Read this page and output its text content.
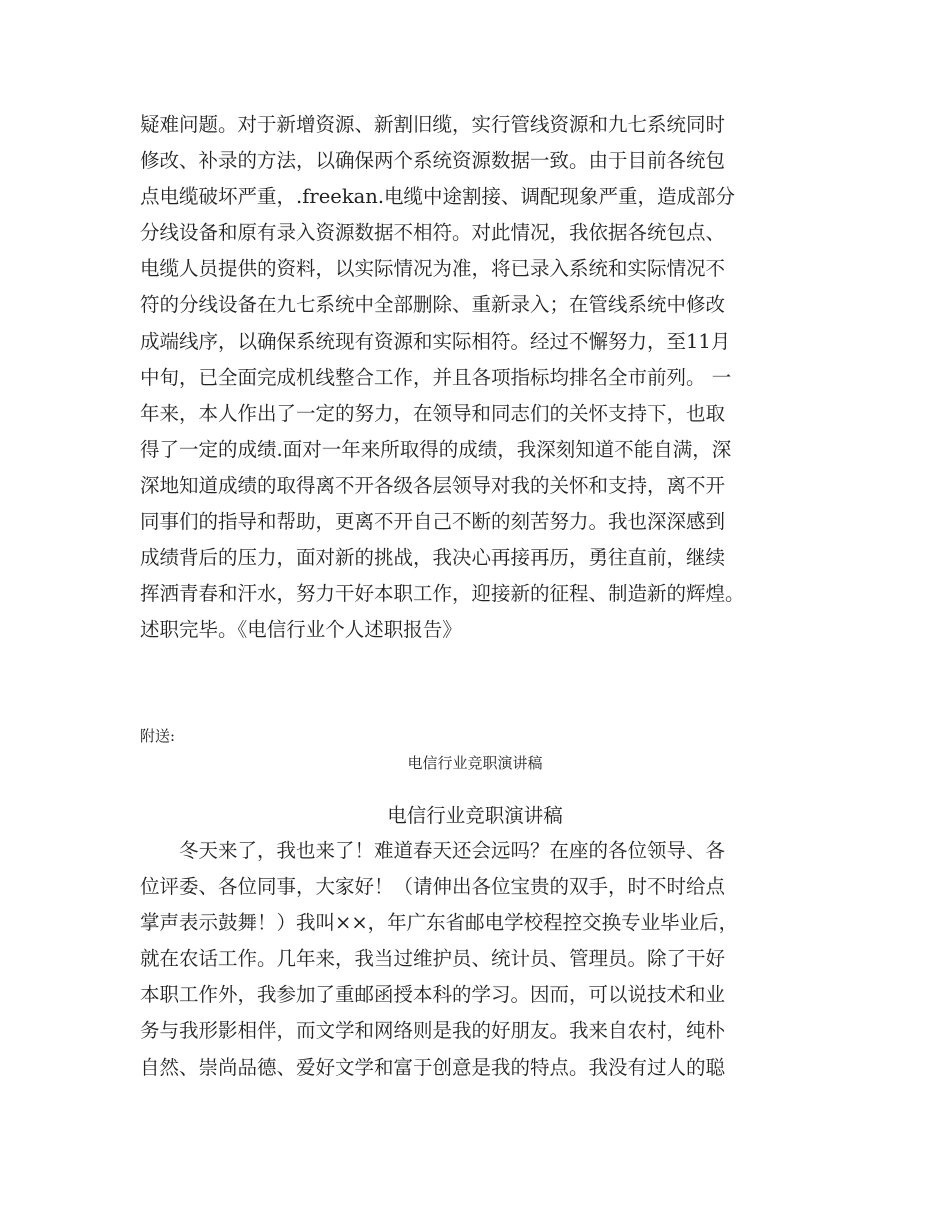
疑难问题。对于新增资源、新割旧缆，实行管线资源和九七系统同时
修改、补录的方法，以确保两个系统资源数据一致。由于目前各统包
点电缆破坏严重，.freekan.电缆中途割接、调配现象严重，造成部分
分线设备和原有录入资源数据不相符。对此情况，我依据各统包点、
电缆人员提供的资料，以实际情况为准，将已录入系统和实际情况不
符的分线设备在九七系统中全部删除、重新录入；在管线系统中修改
成端线序，以确保系统现有资源和实际相符。经过不懈努力，至11月
中旬，已全面完成机线整合工作，并且各项指标均排名全市前列。 一
年来，本人作出了一定的努力，在领导和同志们的关怀支持下，也取
得了一定的成绩.面对一年来所取得的成绩，我深刻知道不能自满，深
深地知道成绩的取得离不开各级各层领导对我的关怀和支持，离不开
同事们的指导和帮助，更离不开自己不断的刻苦努力。我也深深感到
成绩背后的压力，面对新的挑战，我决心再接再历，勇往直前，继续
挥洒青春和汗水，努力干好本职工作，迎接新的征程、制造新的辉煌。
述职完毕。《电信行业个人述职报告》
附送:
电信行业竞职演讲稿
电信行业竞职演讲稿
　　冬天来了，我也来了！难道春天还会远吗？在座的各位领导、各
位评委、各位同事，大家好！（请伸出各位宝贵的双手，时不时给点
掌声表示鼓舞！）我叫××，年广东省邮电学校程控交换专业毕业后，
就在农话工作。几年来，我当过维护员、统计员、管理员。除了干好
本职工作外，我参加了重邮函授本科的学习。因而，可以说技术和业
务与我形影相伴，而文学和网络则是我的好朋友。我来自农村，纯朴
自然、崇尚品德、爱好文学和富于创意是我的特点。我没有过人的聪
